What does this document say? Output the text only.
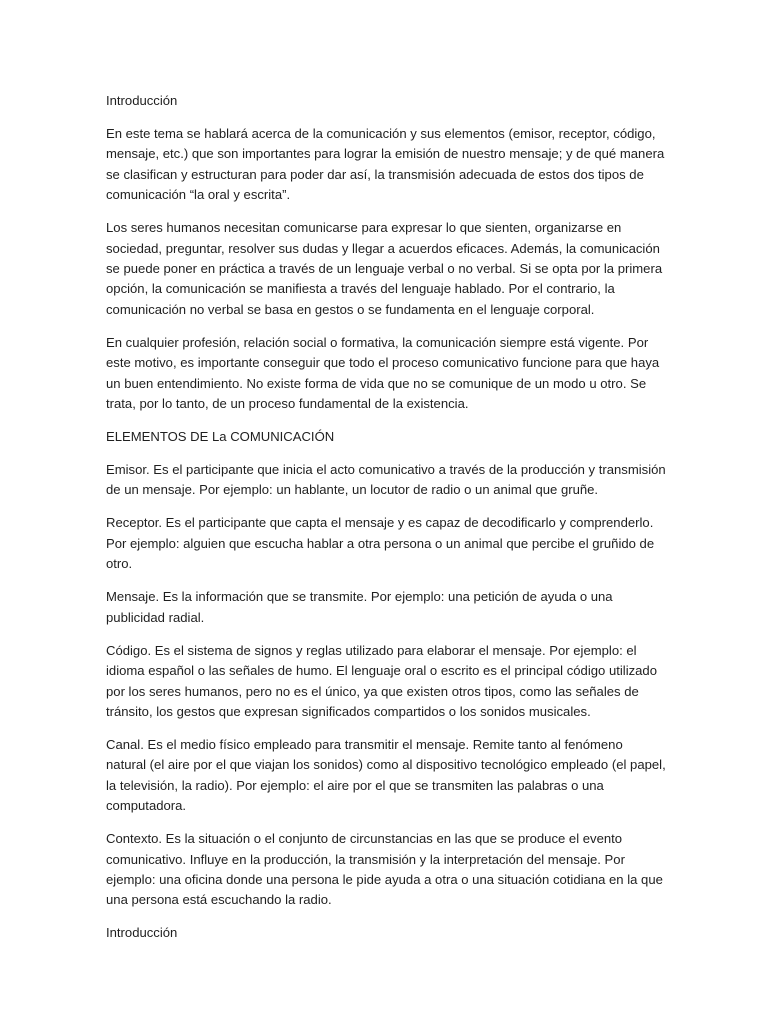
Introducción

En este tema se hablará acerca de la comunicación y sus elementos (emisor, receptor, código, mensaje, etc.) que son importantes para lograr la emisión de nuestro mensaje; y de qué manera se clasifican y estructuran para poder dar así, la transmisión adecuada de estos dos tipos de comunicación “la oral y escrita”.

Los seres humanos necesitan comunicarse para expresar lo que sienten, organizarse en sociedad, preguntar, resolver sus dudas y llegar a acuerdos eficaces. Además, la comunicación se puede poner en práctica a través de un lenguaje verbal o no verbal. Si se opta por la primera opción, la comunicación se manifiesta a través del lenguaje hablado. Por el contrario, la comunicación no verbal se basa en gestos o se fundamenta en el lenguaje corporal.

En cualquier profesión, relación social o formativa, la comunicación siempre está vigente. Por este motivo, es importante conseguir que todo el proceso comunicativo funcione para que haya un buen entendimiento. No existe forma de vida que no se comunique de un modo u otro. Se trata, por lo tanto, de un proceso fundamental de la existencia.

ELEMENTOS DE La COMUNICACIÓN

Emisor. Es el participante que inicia el acto comunicativo a través de la producción y transmisión de un mensaje. Por ejemplo: un hablante, un locutor de radio o un animal que gruñe.

Receptor. Es el participante que capta el mensaje y es capaz de decodificarlo y comprenderlo. Por ejemplo: alguien que escucha hablar a otra persona o un animal que percibe el gruñido de otro.

Mensaje. Es la información que se transmite. Por ejemplo: una petición de ayuda o una publicidad radial.

Código. Es el sistema de signos y reglas utilizado para elaborar el mensaje. Por ejemplo: el idioma español o las señales de humo. El lenguaje oral o escrito es el principal código utilizado por los seres humanos, pero no es el único, ya que existen otros tipos, como las señales de tránsito, los gestos que expresan significados compartidos o los sonidos musicales.

Canal. Es el medio físico empleado para transmitir el mensaje. Remite tanto al fenómeno natural (el aire por el que viajan los sonidos) como al dispositivo tecnológico empleado (el papel, la televisión, la radio). Por ejemplo: el aire por el que se transmiten las palabras o una computadora.

Contexto. Es la situación o el conjunto de circunstancias en las que se produce el evento comunicativo. Influye en la producción, la transmisión y la interpretación del mensaje. Por ejemplo: una oficina donde una persona le pide ayuda a otra o una situación cotidiana en la que una persona está escuchando la radio.

Introducción
